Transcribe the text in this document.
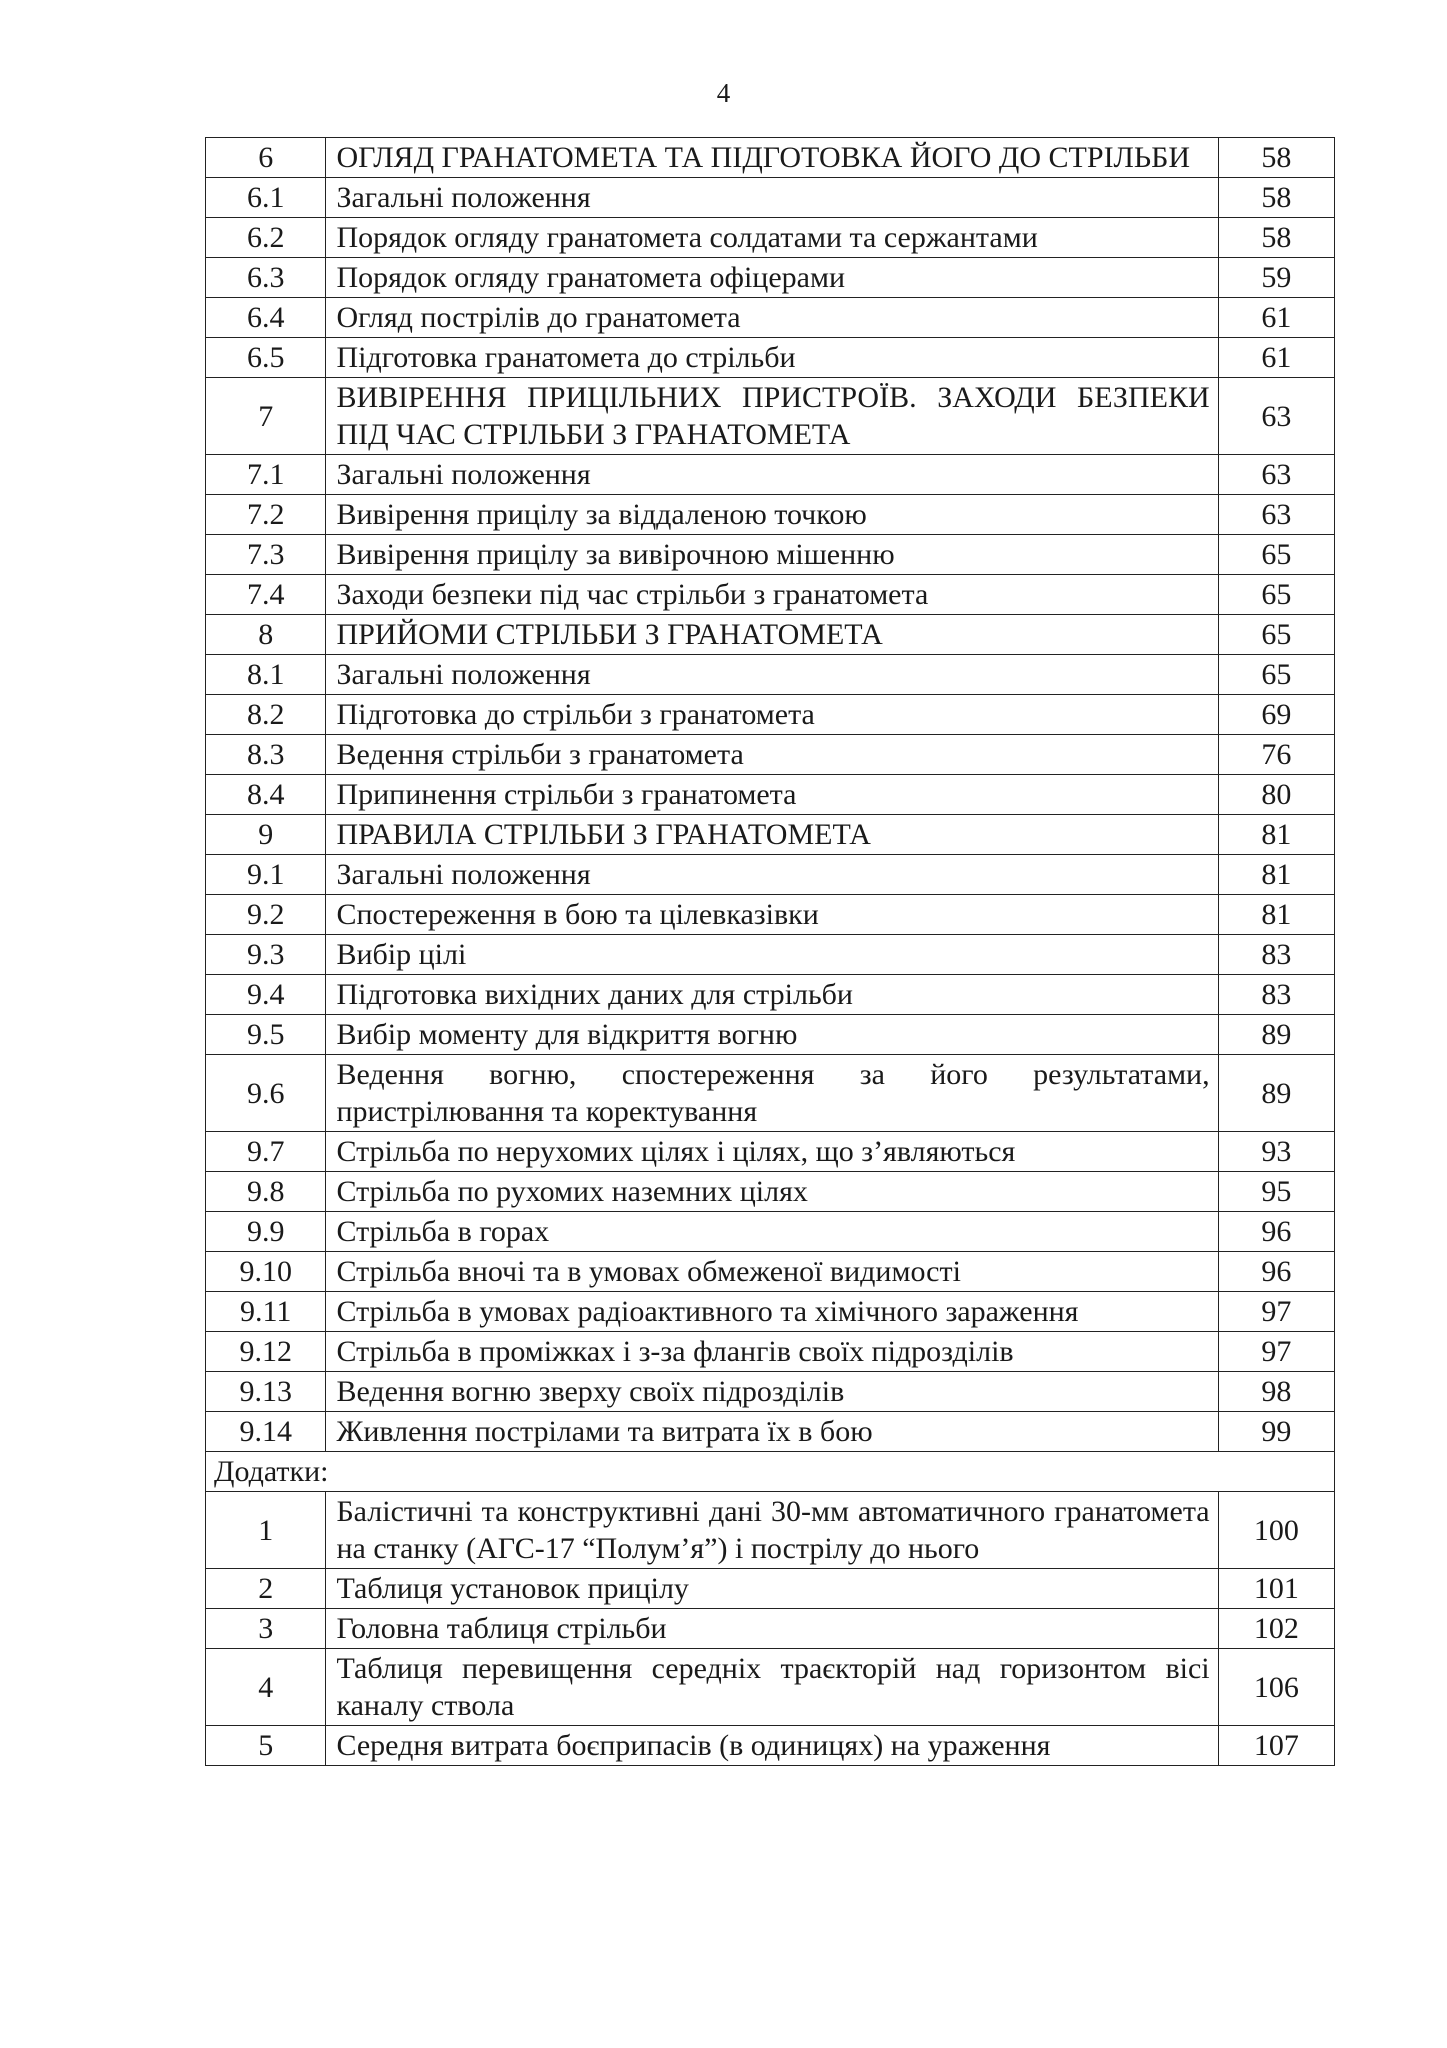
4
6	ОГЛЯД ГРАНАТОМЕТА ТА ПІДГОТОВКА ЙОГО ДО СТРІЛЬБИ	58
6.1	Загальні положення	58
6.2	Порядок огляду гранатомета солдатами та сержантами	58
6.3	Порядок огляду гранатомета офіцерами	59
6.4	Огляд пострілів до гранатомета	61
6.5	Підготовка гранатомета до стрільби	61
7	ВИВІРЕННЯ ПРИЦІЛЬНИХ ПРИСТРОЇВ. ЗАХОДИ БЕЗПЕКИ ПІД ЧАС СТРІЛЬБИ З ГРАНАТОМЕТА	63
7.1	Загальні положення	63
7.2	Вивірення прицілу за віддаленою точкою	63
7.3	Вивірення прицілу за вивірочною мішенню	65
7.4	Заходи безпеки під час стрільби з гранатомета	65
8	ПРИЙОМИ СТРІЛЬБИ З ГРАНАТОМЕТА	65
8.1	Загальні положення	65
8.2	Підготовка до стрільби з гранатомета	69
8.3	Ведення стрільби з гранатомета	76
8.4	Припинення стрільби з гранатомета	80
9	ПРАВИЛА СТРІЛЬБИ З ГРАНАТОМЕТА	81
9.1	Загальні положення	81
9.2	Спостереження в бою та цілевказівки	81
9.3	Вибір цілі	83
9.4	Підготовка вихідних даних для стрільби	83
9.5	Вибір моменту для відкриття вогню	89
9.6	Ведення вогню, спостереження за його результатами, пристрілювання та коректування	89
9.7	Стрільба по нерухомих цілях і цілях, що з’являються	93
9.8	Стрільба по рухомих наземних цілях	95
9.9	Стрільба в горах	96
9.10	Стрільба вночі та в умовах обмеженої видимості	96
9.11	Стрільба в умовах радіоактивного та хімічного зараження	97
9.12	Стрільба в проміжках і з-за флангів своїх підрозділів	97
9.13	Ведення вогню зверху своїх підрозділів	98
9.14	Живлення пострілами та витрата їх в бою	99
Додатки:		
1	Балістичні та конструктивні дані 30-мм автоматичного гранатомета на станку (АГС-17 “Полум’я”) і пострілу до нього	100
2	Таблиця установок прицілу	101
3	Головна таблиця стрільби	102
4	Таблиця перевищення середніх траєкторій над горизонтом вісі каналу ствола	106
5	Середня витрата боєприпасів (в одиницях) на ураження	107
